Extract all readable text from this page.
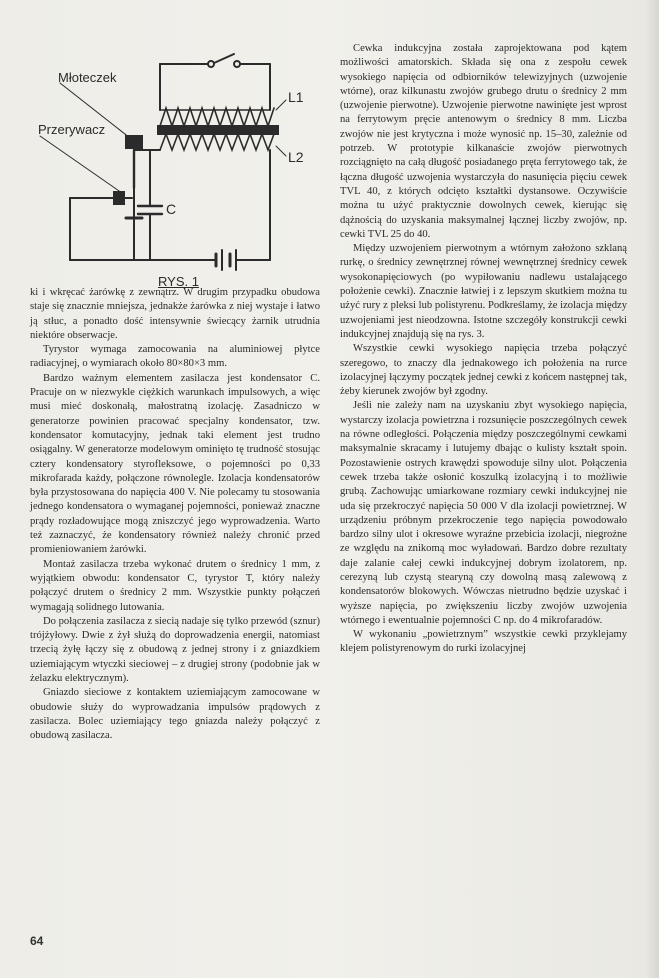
Młoteczek
Przerywacz
L1
L2
C
RYS. 1

ki i wkręcać żarówkę z zewnątrz. W drugim przypadku obudowa staje się znacznie mniejsza, jednakże żarówka z niej wystaje i łatwo ją stłuc, a ponadto dość intensywnie świecący żarnik utrudnia niektóre obserwacje.

Tyrystor wymaga zamocowania na aluminiowej płytce radiacyjnej, o wymiarach około 80×80×3 mm.

Bardzo ważnym elementem zasilacza jest kondensator C. Pracuje on w niezwykle ciężkich warunkach impulsowych, a więc musi mieć doskonałą, małostratną izolację. Zasadniczo w generatorze powinien pracować specjalny kondensator, tzw. kondensator komutacyjny, jednak taki element jest trudno osiągalny. W generatorze modelowym ominięto tę trudność stosując cztery kondensatory styrofleksowe, o pojemności po 0,33 mikrofarada każdy, połączone równolegle. Izolacja kondensatorów była przystosowana do napięcia 400 V. Nie polecamy tu stosowania jednego kondensatora o wymaganej pojemności, ponieważ znaczne prądy rozładowujące mogą zniszczyć jego wyprowadzenia. Warto też zaznaczyć, że kondensatory również należy chronić przed promieniowaniem żarówki.

Montaż zasilacza trzeba wykonać drutem o średnicy 1 mm, z wyjątkiem obwodu: kondensator C, tyrystor T, który należy połączyć drutem o średnicy 2 mm. Wszystkie punkty połączeń wymagają solidnego lutowania.

Do połączenia zasilacza z siecią nadaje się tylko przewód (sznur) trójżyłowy. Dwie z żył służą do doprowadzenia energii, natomiast trzecią żyłę łączy się z obudową z jednej strony i z gniazdkiem uziemiającym wtyczki sieciowej – z drugiej strony (podobnie jak w żelazku elektrycznym).

Gniazdo sieciowe z kontaktem uziemiającym zamocowane w obudowie służy do wyprowadzania impulsów prądowych z zasilacza. Bolec uziemiający tego gniazda należy połączyć z obudową zasilacza.

Cewka indukcyjna została zaprojektowana pod kątem możliwości amatorskich. Składa się ona z zespołu cewek wysokiego napięcia od odbiorników telewizyjnych (uzwojenie wtórne), oraz kilkunastu zwojów grubego drutu o średnicy 2 mm (uzwojenie pierwotne). Uzwojenie pierwotne nawinięte jest wprost na ferrytowym pręcie antenowym o średnicy 8 mm. Liczba zwojów nie jest krytyczna i może wynosić np. 15–30, zależnie od potrzeb. W prototypie kilkanaście zwojów pierwotnych rozciągnięto na całą długość posiadanego pręta ferrytowego tak, że łączna długość uzwojenia wystarczyła do nasunięcia pięciu cewek TVL 40, z których odcięto kształtki dystansowe. Oczywiście można tu użyć praktycznie dowolnych cewek, kierując się dążnością do uzyskania maksymalnej łącznej liczby zwojów, np. cewki TVL 25 do 40.

Między uzwojeniem pierwotnym a wtórnym założono szklaną rurkę, o średnicy zewnętrznej równej wewnętrznej średnicy cewek wysokonapięciowych (po wypiłowaniu nadlewu ustalającego położenie cewki). Znacznie łatwiej i z lepszym skutkiem można tu użyć rury z pleksi lub polistyrenu. Podkreślamy, że izolacja między uzwojeniami jest nieodzowna. Istotne szczegóły konstrukcji cewki indukcyjnej znajdują się na rys. 3.

Wszystkie cewki wysokiego napięcia trzeba połączyć szeregowo, to znaczy dla jednakowego ich położenia na rurce izolacyjnej łączymy początek jednej cewki z końcem następnej tak, żeby kierunek zwojów był zgodny.

Jeśli nie zależy nam na uzyskaniu zbyt wysokiego napięcia, wystarczy izolacja powietrzna i rozsunięcie poszczególnych cewek na równe odległości. Połączenia między poszczególnymi cewkami maksymalnie skracamy i lutujemy dbając o kulisty kształt spoin. Pozostawienie ostrych krawędzi spowoduje silny ulot. Połączenia cewek trzeba także osłonić koszulką izolacyjną i to możliwie grubą. Zachowując umiarkowane rozmiary cewki indukcyjnej nie uda się przekroczyć napięcia 50 000 V dla izolacji powietrznej. W urządzeniu próbnym przekroczenie tego napięcia powodowało bardzo silny ulot i okresowe wyraźne przebicia izolacji, niegroźne ze względu na znikomą moc wyładowań. Bardzo dobre rezultaty daje zalanie całej cewki indukcyjnej dobrym izolatorem, np. cerezyną lub czystą stearyną czy dowolną masą zalewową z kondensatorów blokowych. Wówczas nietrudno będzie uzyskać i wyższe napięcia, po zwiększeniu liczby zwojów uzwojenia wtórnego i ewentualnie pojemności C np. do 4 mikrofaradów.

W wykonaniu „powietrznym” wszystkie cewki przyklejamy klejem polistyrenowym do rurki izolacyjnej

64
